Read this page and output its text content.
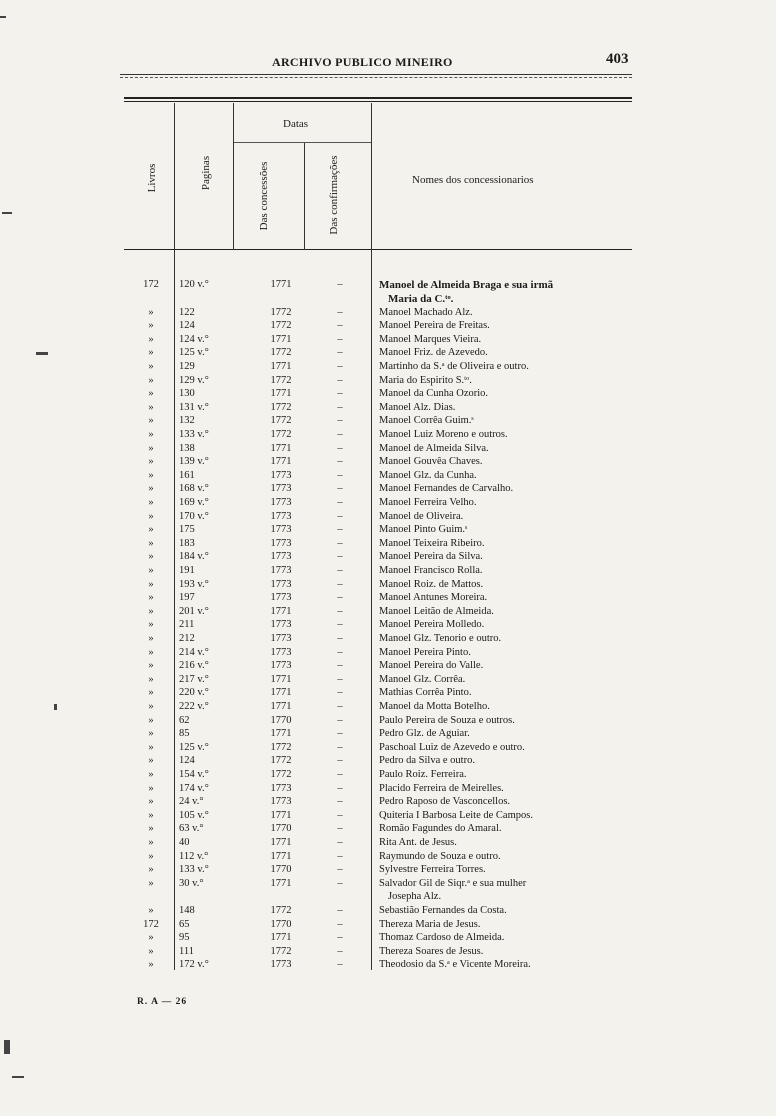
ARCHIVO PUBLICO MINEIRO	403
Livros	Paginas
Datas
Das concessões	Das confirmações	Nomes dos concessionarios
172	120 v.°	1771	–	Manoel de Almeida Braga e sua irmã
Maria da C.ᵗᵒ.
»	122	1772	–	Manoel Machado Alz.
»	124	1772	–	Manoel Pereira de Freitas.
»	124 v.°	1771	–	Manoel Marques Vieira.
»	125 v.°	1772	–	Manoel Friz. de Azevedo.
»	129	1771	–	Martinho da S.ᵃ de Oliveira e outro.
»	129 v.°	1772	–	Maria do Espirito S.ᵗᵒ.
»	130	1771	–	Manoel da Cunha Ozorio.
»	131 v.°	1772	–	Manoel Alz. Dias.
»	132	1772	–	Manoel Corrêa Guim.ˢ
»	133 v.°	1772	–	Manoel Luiz Moreno e outros.
»	138	1771	–	Manoel de Almeida Silva.
»	139 v.°	1771	–	Manoel Gouvêa Chaves.
»	161	1773	–	Manoel Glz. da Cunha.
»	168 v.°	1773	–	Manoel Fernandes de Carvalho.
»	169 v.°	1773	–	Manoel Ferreira Velho.
»	170 v.°	1773	–	Manoel de Oliveira.
»	175	1773	–	Manoel Pinto Guim.ˢ
»	183	1773	–	Manoel Teixeira Ribeiro.
»	184 v.°	1773	–	Manoel Pereira da Silva.
»	191	1773	–	Manoel Francisco Rolla.
»	193 v.°	1773	–	Manoel Roiz. de Mattos.
»	197	1773	–	Manoel Antunes Moreira.
»	201 v.°	1771	–	Manoel Leitão de Almeida.
»	211	1773	–	Manoel Pereira Molledo.
»	212	1773	–	Manoel Glz. Tenorio e outro.
»	214 v.°	1773	–	Manoel Pereira Pinto.
»	216 v.°	1773	–	Manoel Pereira do Valle.
»	217 v.°	1771	–	Manoel Glz. Corrêa.
»	220 v.°	1771	–	Mathias Corrêa Pinto.
»	222 v.°	1771	–	Manoel da Motta Botelho.
»	62	1770	–	Paulo Pereira de Souza e outros.
»	85	1771	–	Pedro Glz. de Aguiar.
»	125 v.°	1772	–	Paschoal Luiz de Azevedo e outro.
»	124	1772	–	Pedro da Silva e outro.
»	154 v.°	1772	–	Paulo Roiz. Ferreira.
»	174 v.°	1773	–	Placido Ferreira de Meirelles.
»	24 v.°	1773	–	Pedro Raposo de Vasconcellos.
»	105 v.°	1771	–	Quiteria I Barbosa Leite de Campos.
»	63 v.°	1770	–	Romão Fagundes do Amaral.
»	40	1771	–	Rita Ant. de Jesus.
»	112 v.°	1771	–	Raymundo de Souza e outro.
»	133 v.°	1770	–	Sylvestre Ferreira Torres.
»	30 v.°	1771	–	Salvador Gil de Siqr.ᵃ e sua mulher
Josepha Alz.
»	148	1772	–	Sebastião Fernandes da Costa.
172	65	1770	–	Thereza Maria de Jesus.
»	95	1771	–	Thomaz Cardoso de Almeida.
»	111	1772	–	Thereza Soares de Jesus.
»	172 v.°	1773	–	Theodosio da S.ᵃ e Vicente Moreira.
R. A — 26
